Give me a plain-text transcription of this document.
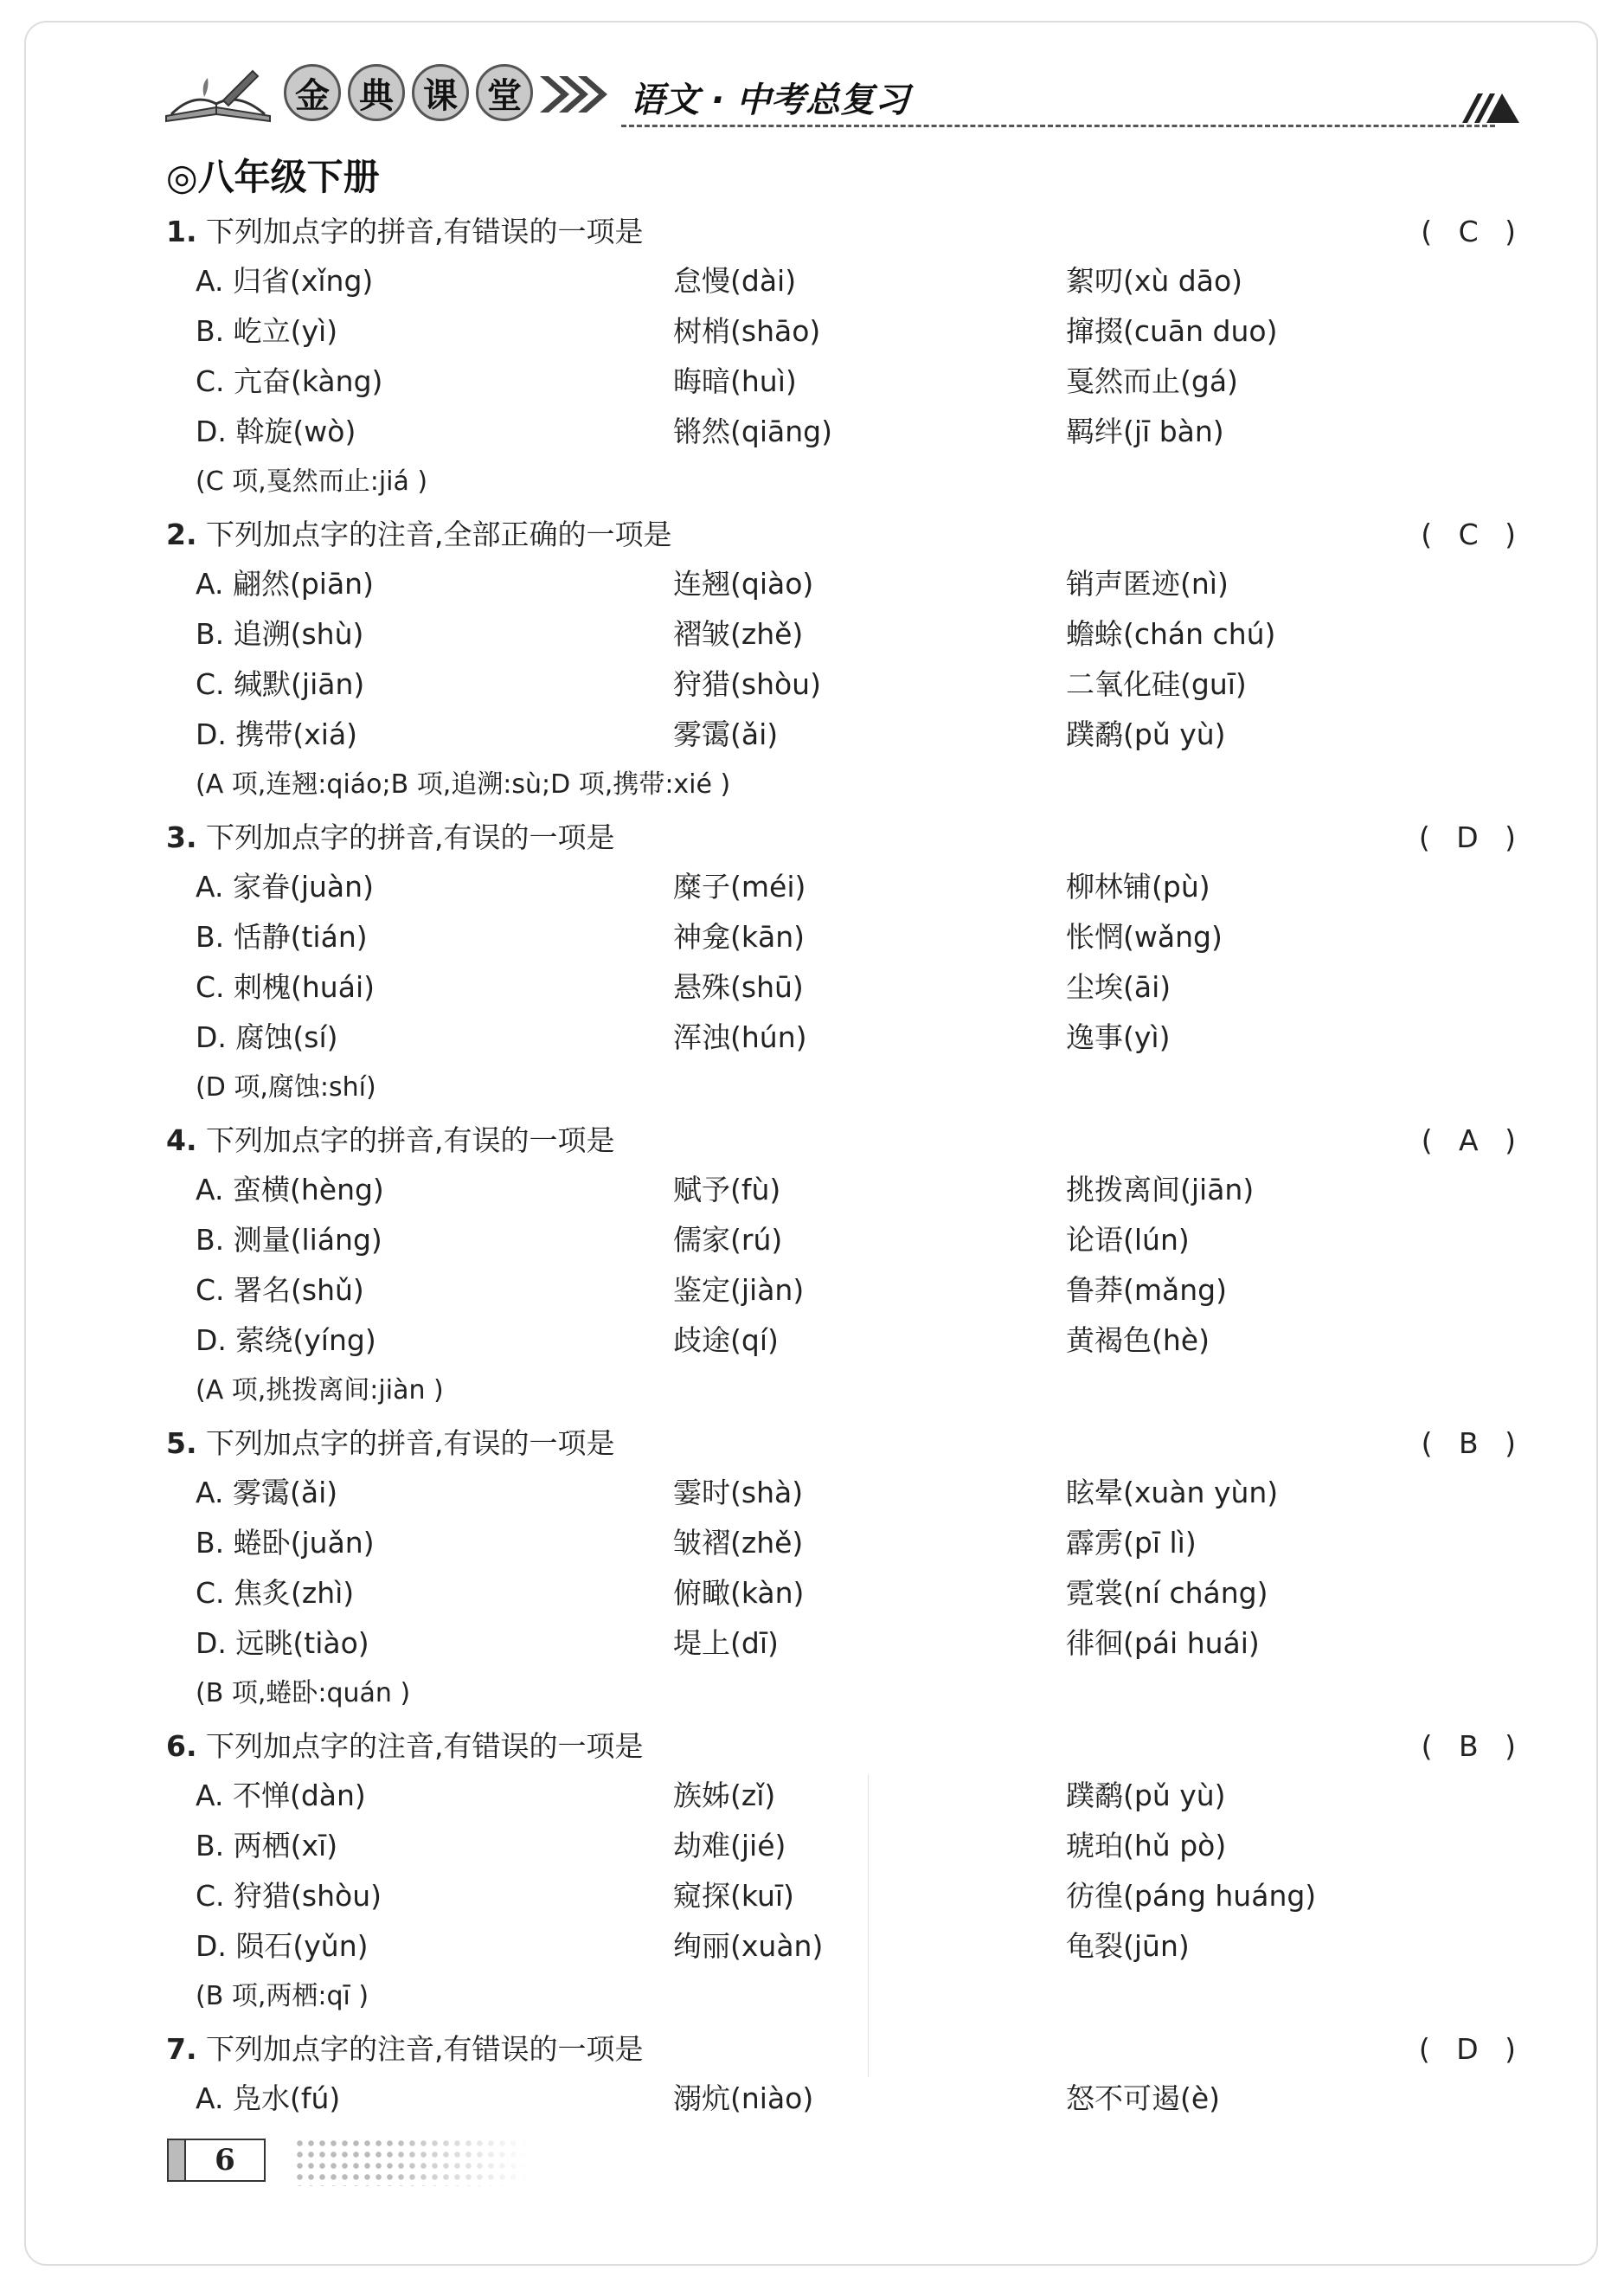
金 典 课 堂	语文 · 中考总复习
◎八年级下册
1. 下列加点字的拼音,有错误的一项是	( C )
A. 归省(xǐng)	怠慢(dài)	絮叨(xù dāo)
B. 屹立(yì)	树梢(shāo)	撺掇(cuān duo)
C. 亢奋(kàng)	晦暗(huì)	戛然而止(gá)
D. 斡旋(wò)	锵然(qiāng)	羁绊(jī bàn)
(C 项,戛然而止:jiá )
2. 下列加点字的注音,全部正确的一项是	( C )
A. 翩然(piān)	连翘(qiào)	销声匿迹(nì)
B. 追溯(shù)	褶皱(zhě)	蟾蜍(chán chú)
C. 缄默(jiān)	狩猎(shòu)	二氧化硅(guī)
D. 携带(xiá)	雾霭(ǎi)	蹼鹬(pǔ yù)
(A 项,连翘:qiáo;B 项,追溯:sù;D 项,携带:xié )
3. 下列加点字的拼音,有误的一项是	( D )
A. 家眷(juàn)	糜子(méi)	柳林铺(pù)
B. 恬静(tián)	神龛(kān)	怅惘(wǎng)
C. 刺槐(huái)	悬殊(shū)	尘埃(āi)
D. 腐蚀(sí)	浑浊(hún)	逸事(yì)
(D 项,腐蚀:shí)
4. 下列加点字的拼音,有误的一项是	( A )
A. 蛮横(hèng)	赋予(fù)	挑拨离间(jiān)
B. 测量(liáng)	儒家(rú)	论语(lún)
C. 署名(shǔ)	鉴定(jiàn)	鲁莽(mǎng)
D. 萦绕(yíng)	歧途(qí)	黄褐色(hè)
(A 项,挑拨离间:jiàn )
5. 下列加点字的拼音,有误的一项是	( B )
A. 雾霭(ǎi)	霎时(shà)	眩晕(xuàn yùn)
B. 蜷卧(juǎn)	皱褶(zhě)	霹雳(pī lì)
C. 焦炙(zhì)	俯瞰(kàn)	霓裳(ní cháng)
D. 远眺(tiào)	堤上(dī)	徘徊(pái huái)
(B 项,蜷卧:quán )
6. 下列加点字的注音,有错误的一项是	( B )
A. 不惮(dàn)	族姊(zǐ)	蹼鹬(pǔ yù)
B. 两栖(xī)	劫难(jié)	琥珀(hǔ pò)
C. 狩猎(shòu)	窥探(kuī)	彷徨(páng huáng)
D. 陨石(yǔn)	绚丽(xuàn)	龟裂(jūn)
(B 项,两栖:qī )
7. 下列加点字的注音,有错误的一项是	( D )
A. 凫水(fú)	溺炕(niào)	怒不可遏(è)
6
